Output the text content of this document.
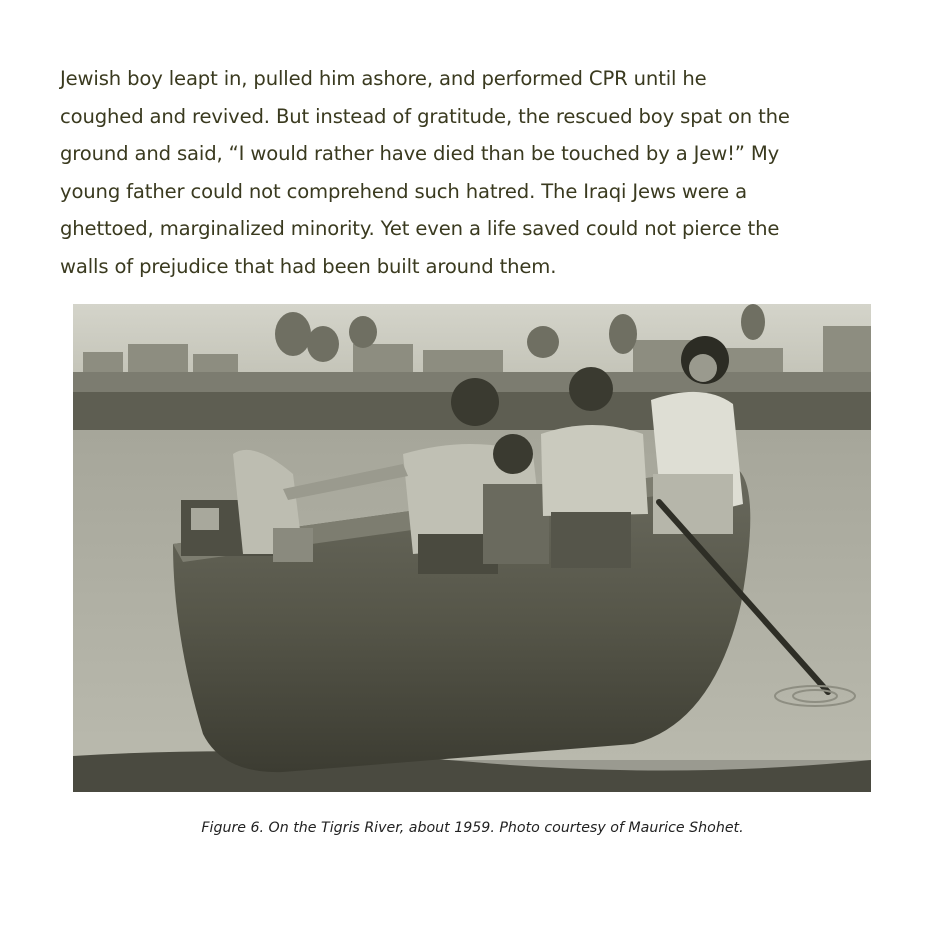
Jewish boy leapt in, pulled him ashore, and performed CPR until he
coughed and revived. But instead of gratitude, the rescued boy spat on the
ground and said, “I would rather have died than be touched by a Jew!” My
young father could not comprehend such hatred. The Iraqi Jews were a
ghettoed, marginalized minority. Yet even a life saved could not pierce the
walls of prejudice that had been built around them.

Figure 6. On the Tigris River, about 1959. Photo courtesy of Maurice Shohet.
